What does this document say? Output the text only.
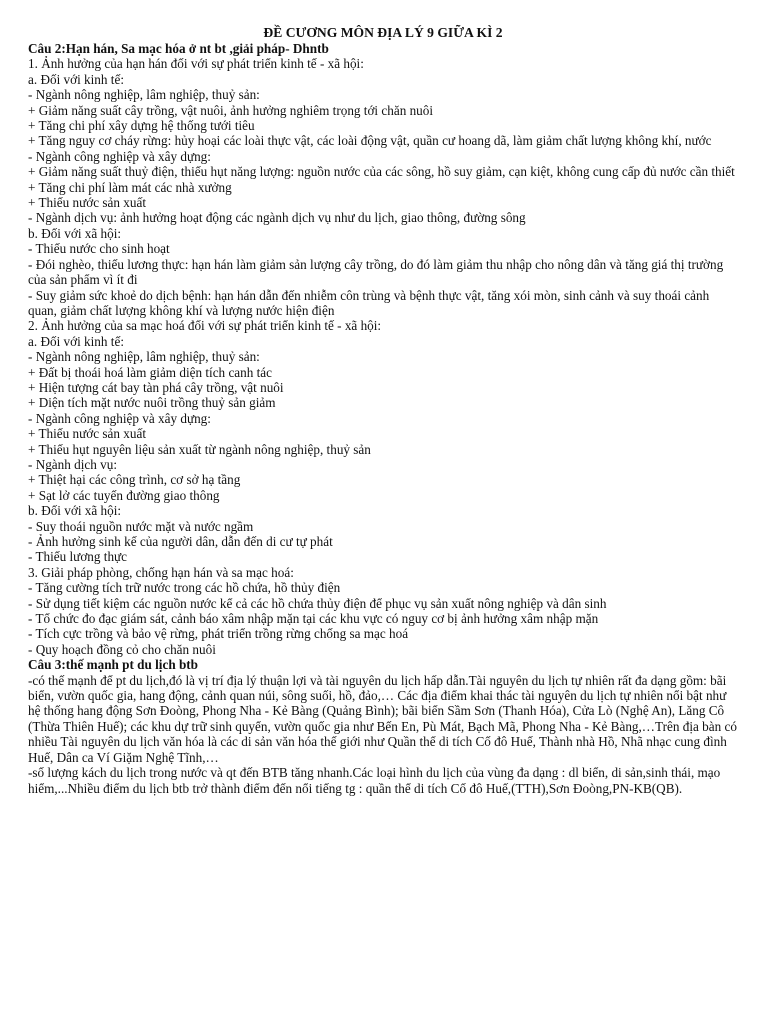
ĐỀ CƯƠNG MÔN ĐỊA LÝ 9 GIỮA KÌ 2
Câu 2:Hạn hán, Sa mạc hóa ở nt bt ,giải pháp- Dhntb
1. Ảnh hưởng của hạn hán đối với sự phát triển kinh tế - xã hội:
a. Đối với kinh tế:
- Ngành nông nghiệp, lâm nghiệp, thuỷ sản:
+ Giảm năng suất cây trồng, vật nuôi, ảnh hưởng nghiêm trọng tới chăn nuôi
+ Tăng chi phí xây dựng hệ thống tưới tiêu
+ Tăng nguy cơ cháy rừng: hủy hoại các loài thực vật, các loài động vật, quần cư hoang dã, làm giảm chất lượng không khí, nước
- Ngành công nghiệp và xây dựng:
+ Giảm năng suất thuỷ điện, thiếu hụt năng lượng: nguồn nước của các sông, hồ suy giảm, cạn kiệt, không cung cấp đủ nước cần thiết
+ Tăng chi phí làm mát các nhà xưởng
+ Thiếu nước sản xuất
- Ngành dịch vụ: ảnh hưởng hoạt động các ngành dịch vụ như du lịch, giao thông, đường sông
b. Đối với xã hội:
- Thiếu nước cho sinh hoạt
- Đói nghèo, thiếu lương thực: hạn hán làm giảm sản lượng cây trồng, do đó làm giảm thu nhập cho nông dân và tăng giá thị trường của sản phẩm vì ít đi
- Suy giảm sức khoẻ do dịch bệnh: hạn hán dẫn đến nhiễm côn trùng và bệnh thực vật, tăng xói mòn, sinh cảnh và suy thoái cảnh quan, giảm chất lượng không khí và lượng nước hiện điện
2. Ảnh hưởng của sa mạc hoá đối với sự phát triển kinh tế - xã hội:
a. Đối với kinh tế:
- Ngành nông nghiệp, lâm nghiệp, thuỷ sản:
+ Đất bị thoái hoá làm giảm diện tích canh tác
+ Hiện tượng cát bay tàn phá cây trồng, vật nuôi
+ Diện tích mặt nước nuôi trồng thuỷ sản giảm
- Ngành công nghiệp và xây dựng:
+ Thiếu nước sản xuất
+ Thiếu hụt nguyên liệu sản xuất từ ngành nông nghiệp, thuỷ sản
- Ngành dịch vụ:
+ Thiệt hại các công trình, cơ sở hạ tầng
+ Sạt lở các tuyến đường giao thông
b. Đối với xã hội:
- Suy thoái nguồn nước mặt và nước ngầm
- Ảnh hưởng sinh kế của người dân, dẫn đến di cư tự phát
- Thiếu lương thực
3. Giải pháp phòng, chống hạn hán và sa mạc hoá:
- Tăng cường tích trữ nước trong các hồ chứa, hồ thủy điện
- Sử dụng tiết kiệm các nguồn nước kể cả các hồ chứa thủy điện để phục vụ sản xuất nông nghiệp và dân sinh
- Tổ chức đo đạc giám sát, cảnh báo xâm nhập mặn tại các khu vực có nguy cơ bị ảnh hưởng xâm nhập mặn
- Tích cực trồng và bảo vệ rừng, phát triển trồng rừng chống sa mạc hoá
- Quy hoạch đồng cỏ cho chăn nuôi
Câu 3:thế mạnh pt du lịch btb
-có thế mạnh để pt du lịch,đó là vị trí địa lý thuận lợi và tài nguyên du lịch hấp dẫn.Tài nguyên du lịch tự nhiên rất đa dạng gồm: bãi biển, vườn quốc gia, hang động, cảnh quan núi, sông suối, hồ, đảo,… Các địa điểm khai thác tài nguyên du lịch tự nhiên nổi bật như hệ thống hang động Sơn Đoòng, Phong Nha - Kẻ Bàng (Quảng Bình); bãi biển Sầm Sơn (Thanh Hóa), Cửa Lò (Nghệ An), Lăng Cô (Thừa Thiên Huế); các khu dự trữ sinh quyển, vườn quốc gia như Bến En, Pù Mát, Bạch Mã, Phong Nha - Kẻ Bàng,…Trên địa bàn có nhiều Tài nguyên du lịch văn hóa là các di sản văn hóa thế giới như Quần thể di tích Cố đô Huế, Thành nhà Hồ, Nhã nhạc cung đình Huế, Dân ca Ví Giặm Nghệ Tĩnh,…
-số lượng kách du lịch trong nước và qt đến BTB tăng nhanh.Các loại hình du lịch của vùng đa dạng : dl biển, di sản,sinh thái, mạo hiểm,...Nhiều điểm du lịch btb trở thành điểm đến nổi tiếng tg : quần thể di tích Cố đô Huế,(TTH),Sơn Đoòng,PN-KB(QB).
